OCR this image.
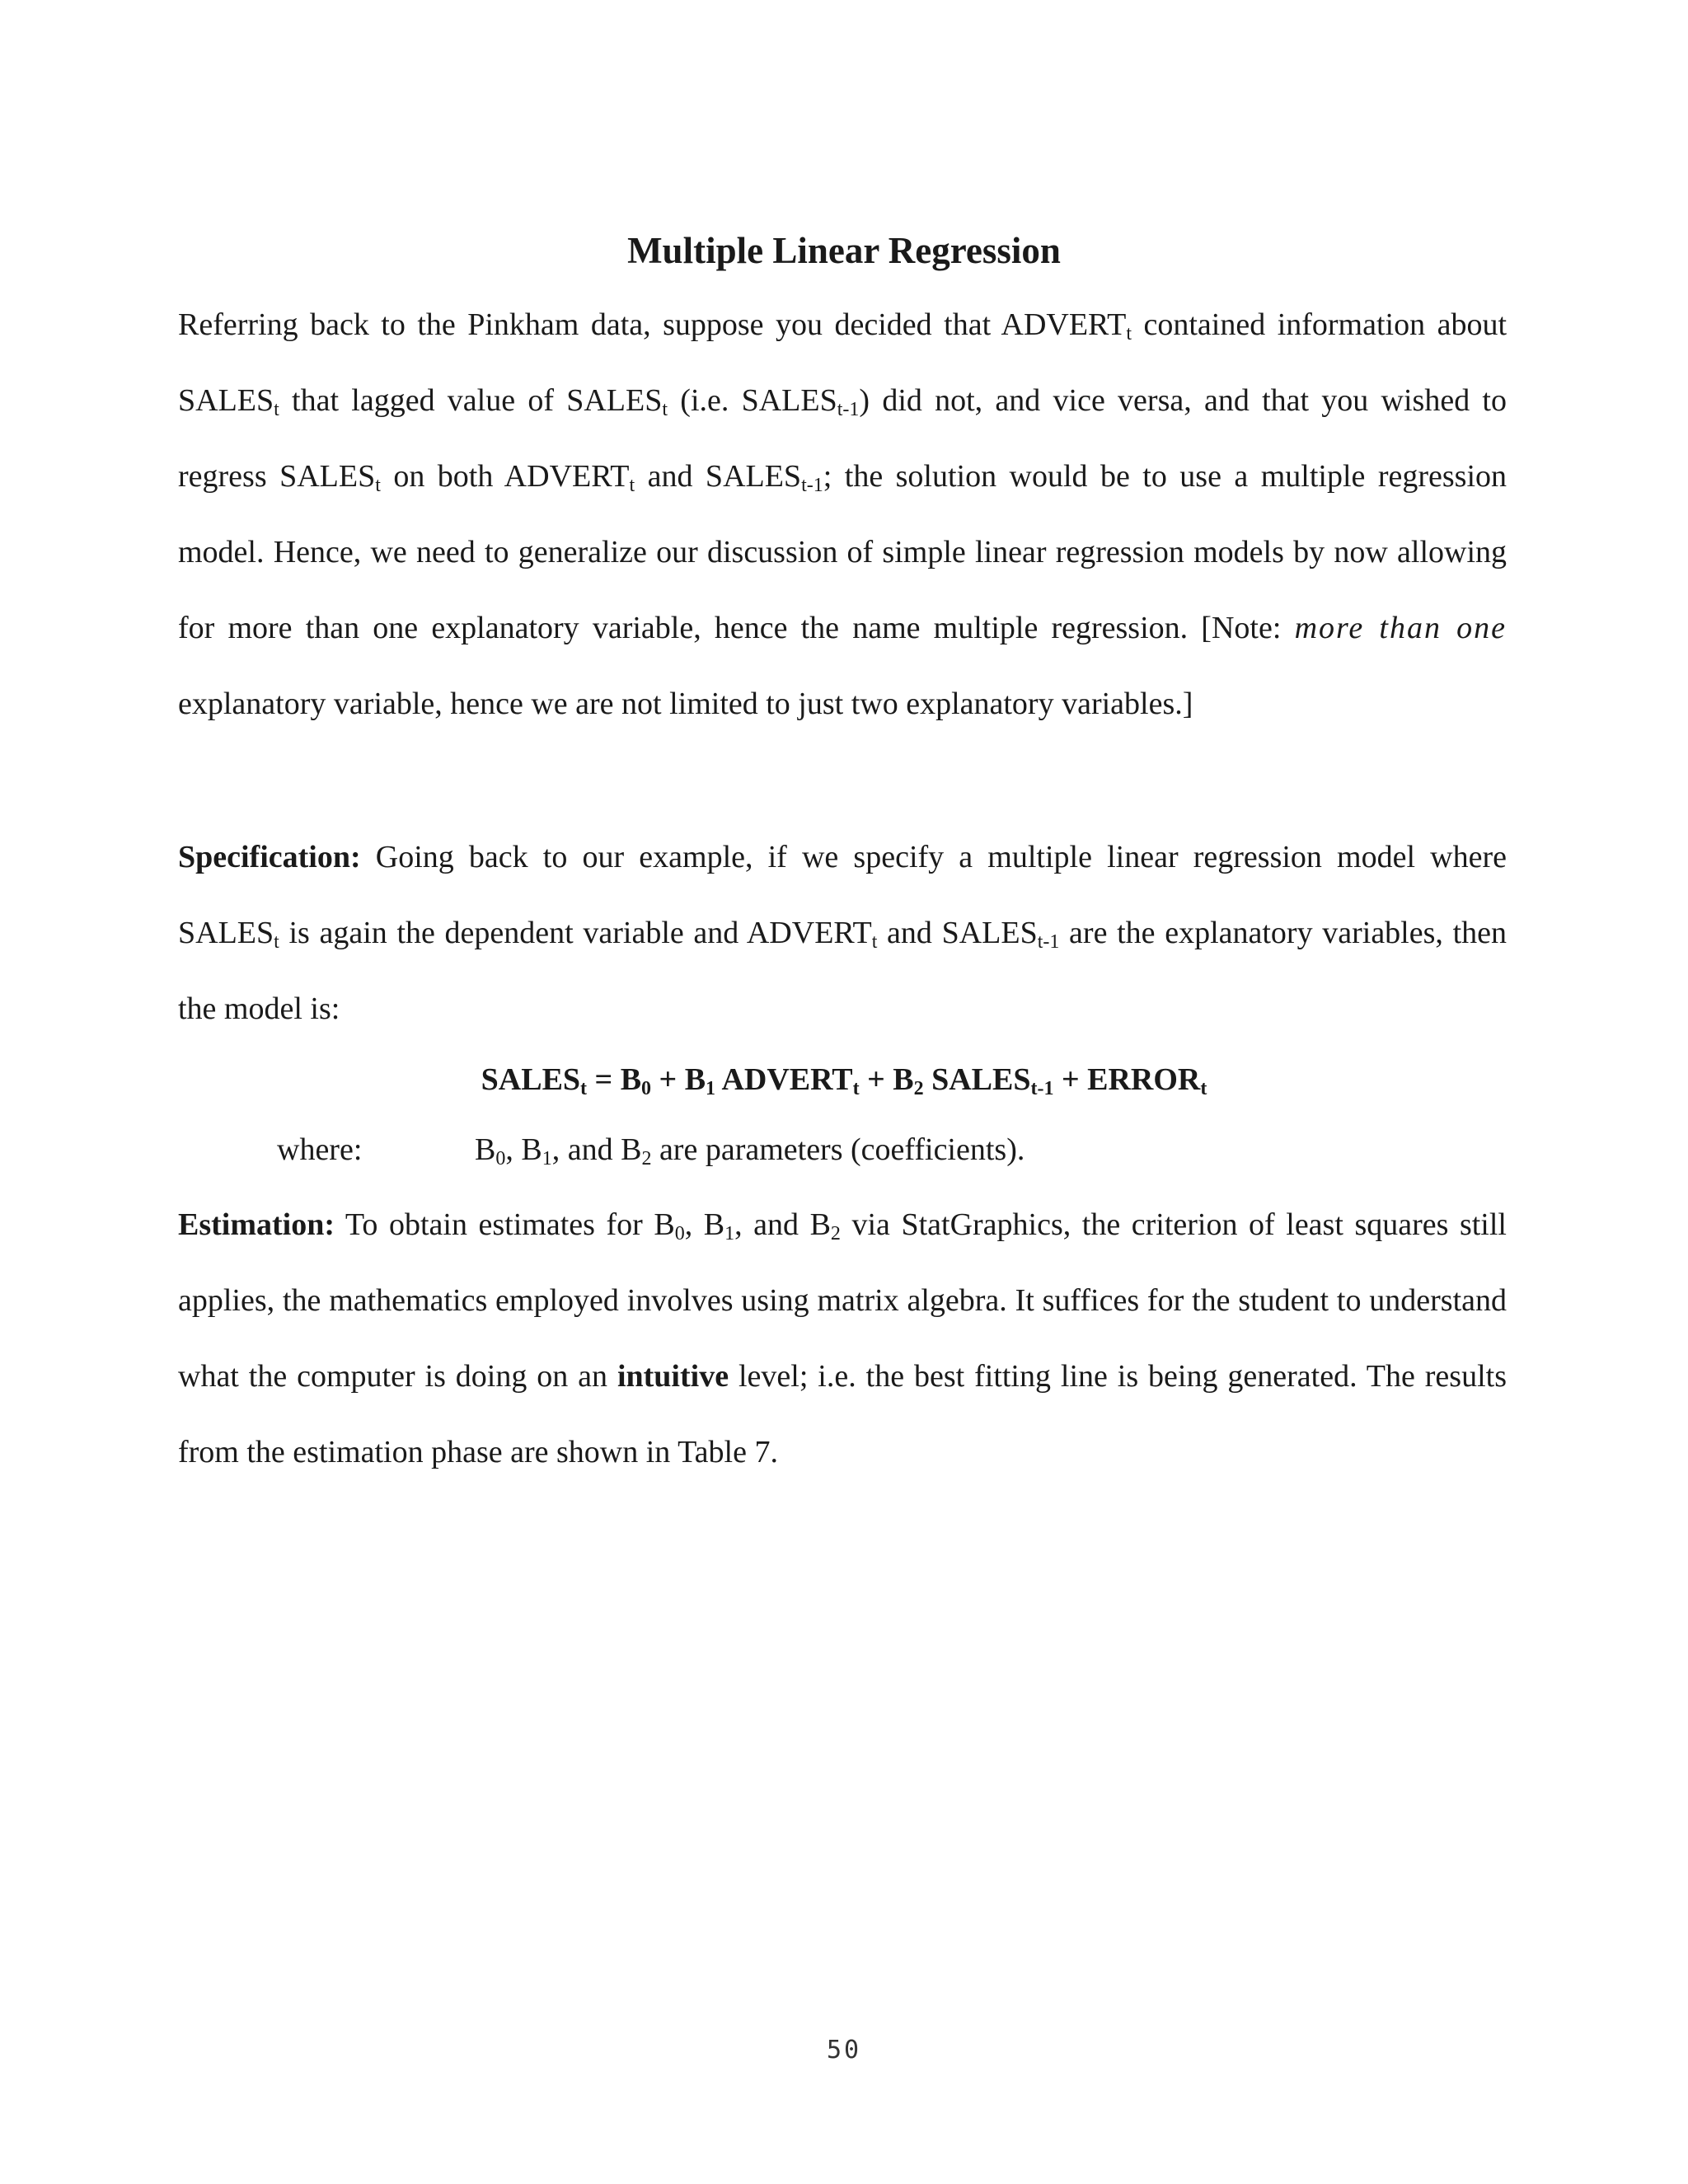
Multiple Linear Regression

Referring back to the Pinkham data, suppose you decided that $ADVERT_t$ contained information about $SALES_t$ that lagged value of $SALES_t$ (i.e. $SALES_{t-1}$) did not, and vice versa, and that you wished to regress $SALES_t$ on both $ADVERT_t$ and $SALES_{t-1}$; the solution would be to use a multiple regression model. Hence, we need to generalize our discussion of simple linear regression models by now allowing for more than one explanatory variable, hence the name multiple regression. [Note: more than one explanatory variable, hence we are not limited to just two explanatory variables.]

Specification: Going back to our example, if we specify a multiple linear regression model where $SALES_t$ is again the dependent variable and $ADVERT_t$ and $SALES_{t-1}$ are the explanatory variables, then the model is:

$SALES_t = B_0 + B_1$ $ADVERT_t + B_2$ $SALES_{t-1}$ + $ERROR_t$
where:	$B_0$, $B_1$, and $B_2$ are parameters (coefficients).

Estimation: To obtain estimates for $B_0$, $B_1$, and $B_2$ via StatGraphics, the criterion of least squares still applies, the mathematics employed involves using matrix algebra. It suffices for the student to understand what the computer is doing on an intuitive level; i.e. the best fitting line is being generated. The results from the estimation phase are shown in Table 7.

50
